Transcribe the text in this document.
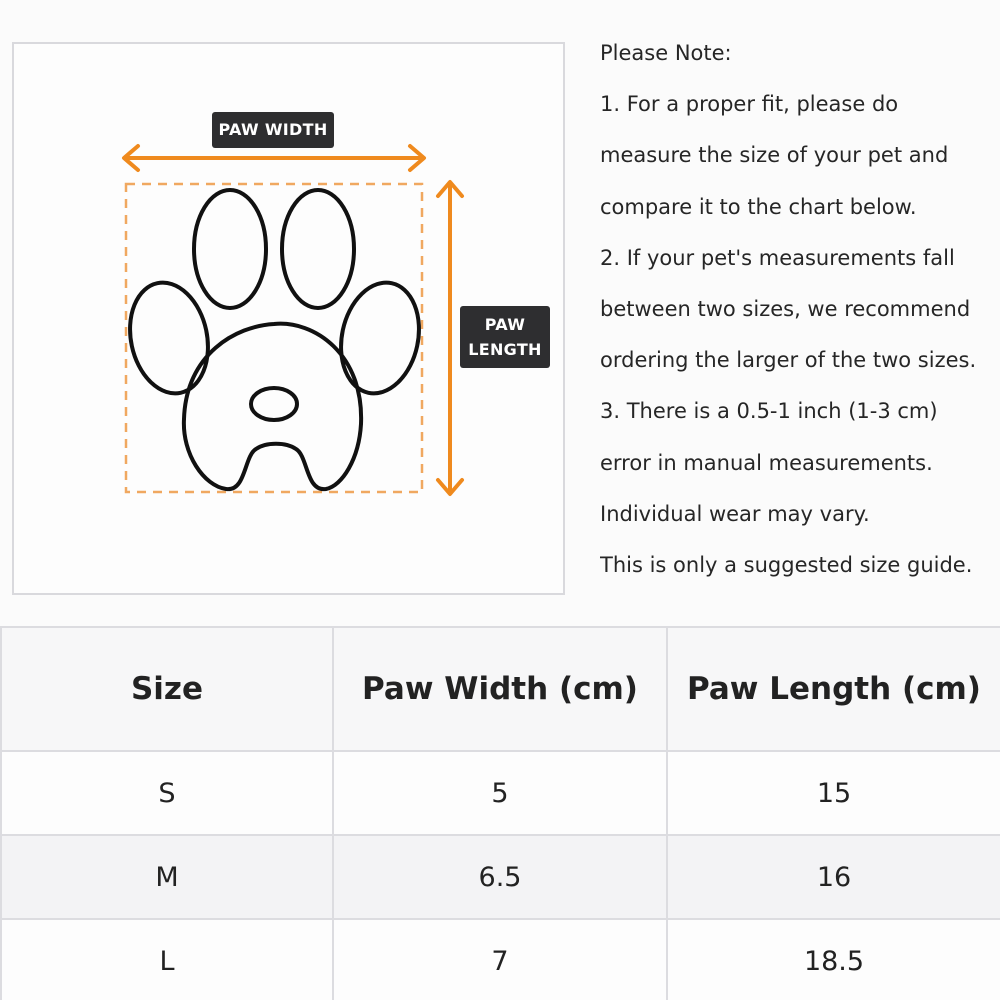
PAW WIDTH
PAW
LENGTH
Please Note:
1. For a proper fit, please do
measure the size of your pet and
compare it to the chart below.
2. If your pet's measurements fall
between two sizes, we recommend
ordering the larger of the two sizes.
3. There is a 0.5-1 inch (1-3 cm)
error in manual measurements.
Individual wear may vary.
This is only a suggested size guide.
Size	Paw Width (cm)	Paw Length (cm)
S	5	15
M	6.5	16
L	7	18.5
